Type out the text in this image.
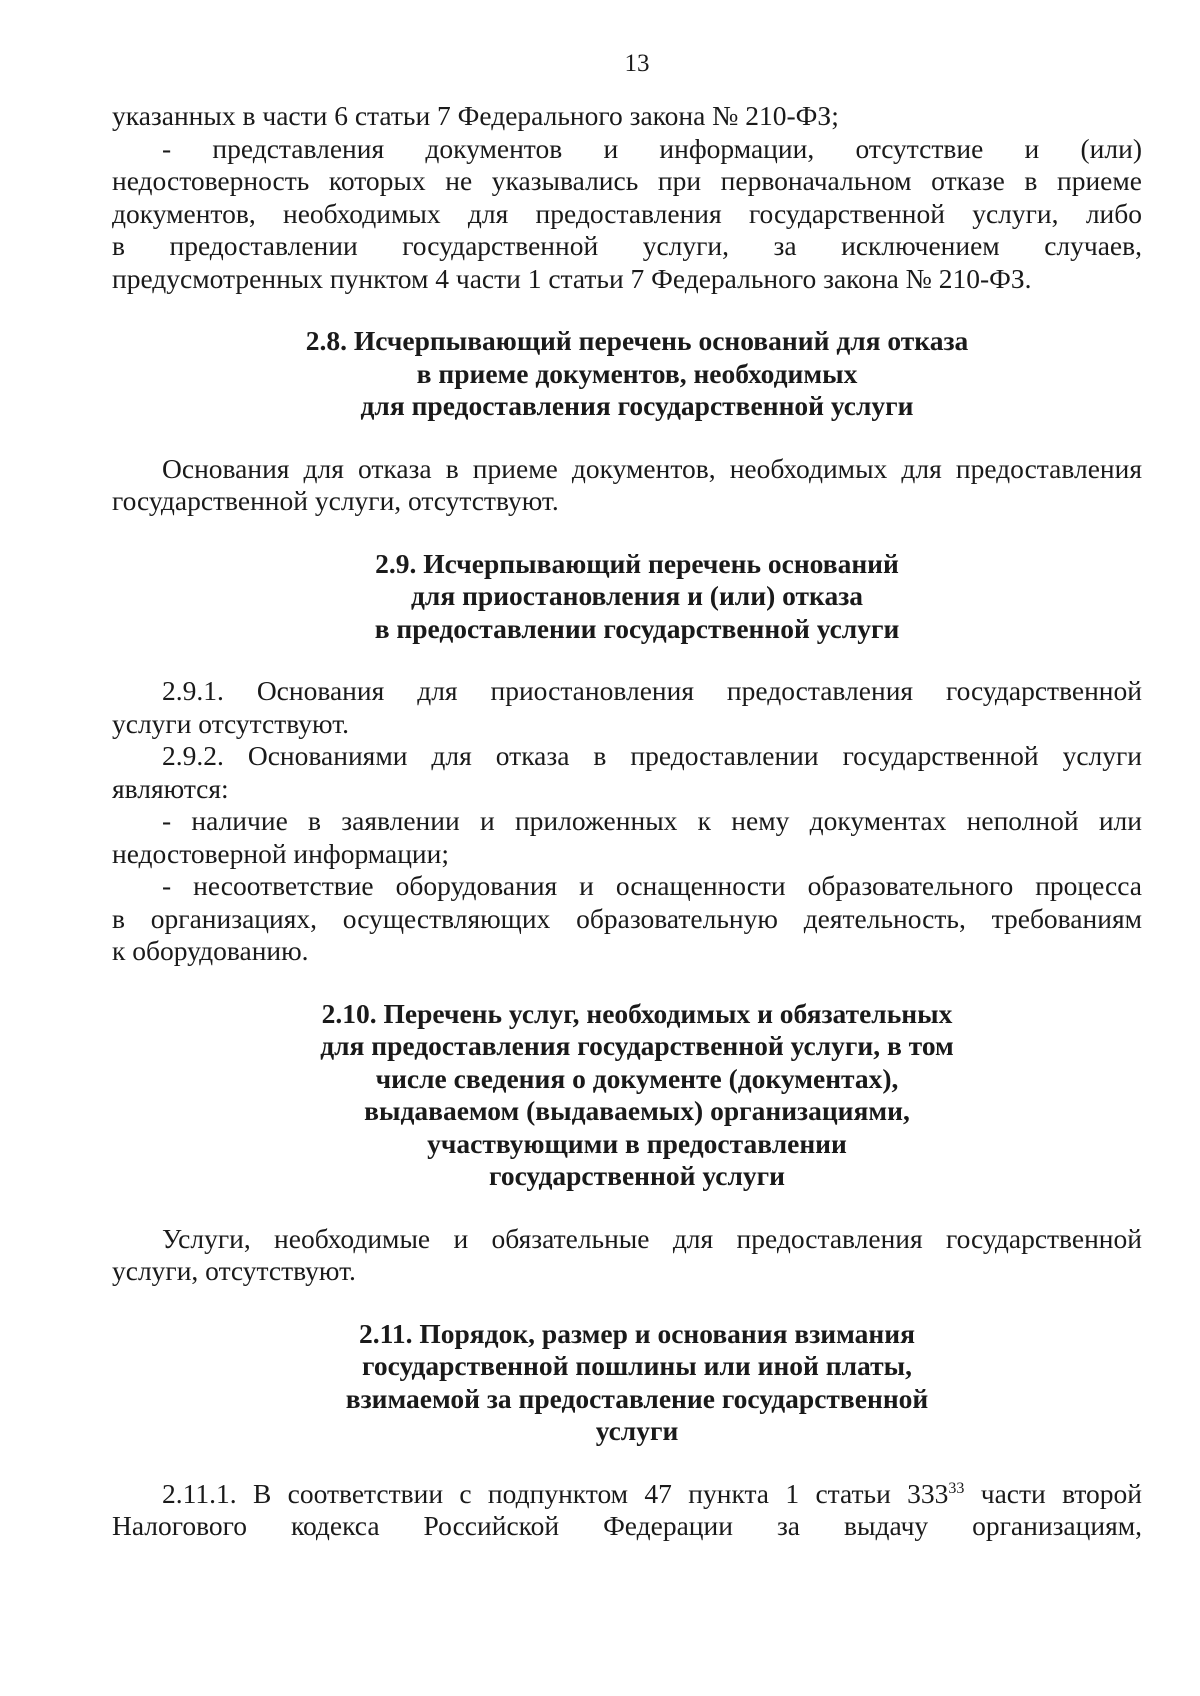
13
указанных в части 6 статьи 7 Федерального закона № 210-ФЗ;
- представления документов и информации, отсутствие и (или)
недостоверность которых не указывались при первоначальном отказе в приеме
документов, необходимых для предоставления государственной услуги, либо
в предоставлении государственной услуги, за исключением случаев,
предусмотренных пунктом 4 части 1 статьи 7 Федерального закона № 210-ФЗ.
2.8. Исчерпывающий перечень оснований для отказа
в приеме документов, необходимых
для предоставления государственной услуги
Основания для отказа в приеме документов, необходимых для предоставления
государственной услуги, отсутствуют.
2.9. Исчерпывающий перечень оснований
для приостановления и (или) отказа
в предоставлении государственной услуги
2.9.1. Основания для приостановления предоставления государственной
услуги отсутствуют.
2.9.2. Основаниями для отказа в предоставлении государственной услуги
являются:
- наличие в заявлении и приложенных к нему документах неполной или
недостоверной информации;
- несоответствие оборудования и оснащенности образовательного процесса
в организациях, осуществляющих образовательную деятельность, требованиям
к оборудованию.
2.10. Перечень услуг, необходимых и обязательных
для предоставления государственной услуги, в том
числе сведения о документе (документах),
выдаваемом (выдаваемых) организациями,
участвующими в предоставлении
государственной услуги
Услуги, необходимые и обязательные для предоставления государственной
услуги, отсутствуют.
2.11. Порядок, размер и основания взимания
государственной пошлины или иной платы,
взимаемой за предоставление государственной
услуги
2.11.1. В соответствии с подпунктом 47 пункта 1 статьи $333^{33}$ части второй
Налогового кодекса Российской Федерации за выдачу организациям,
